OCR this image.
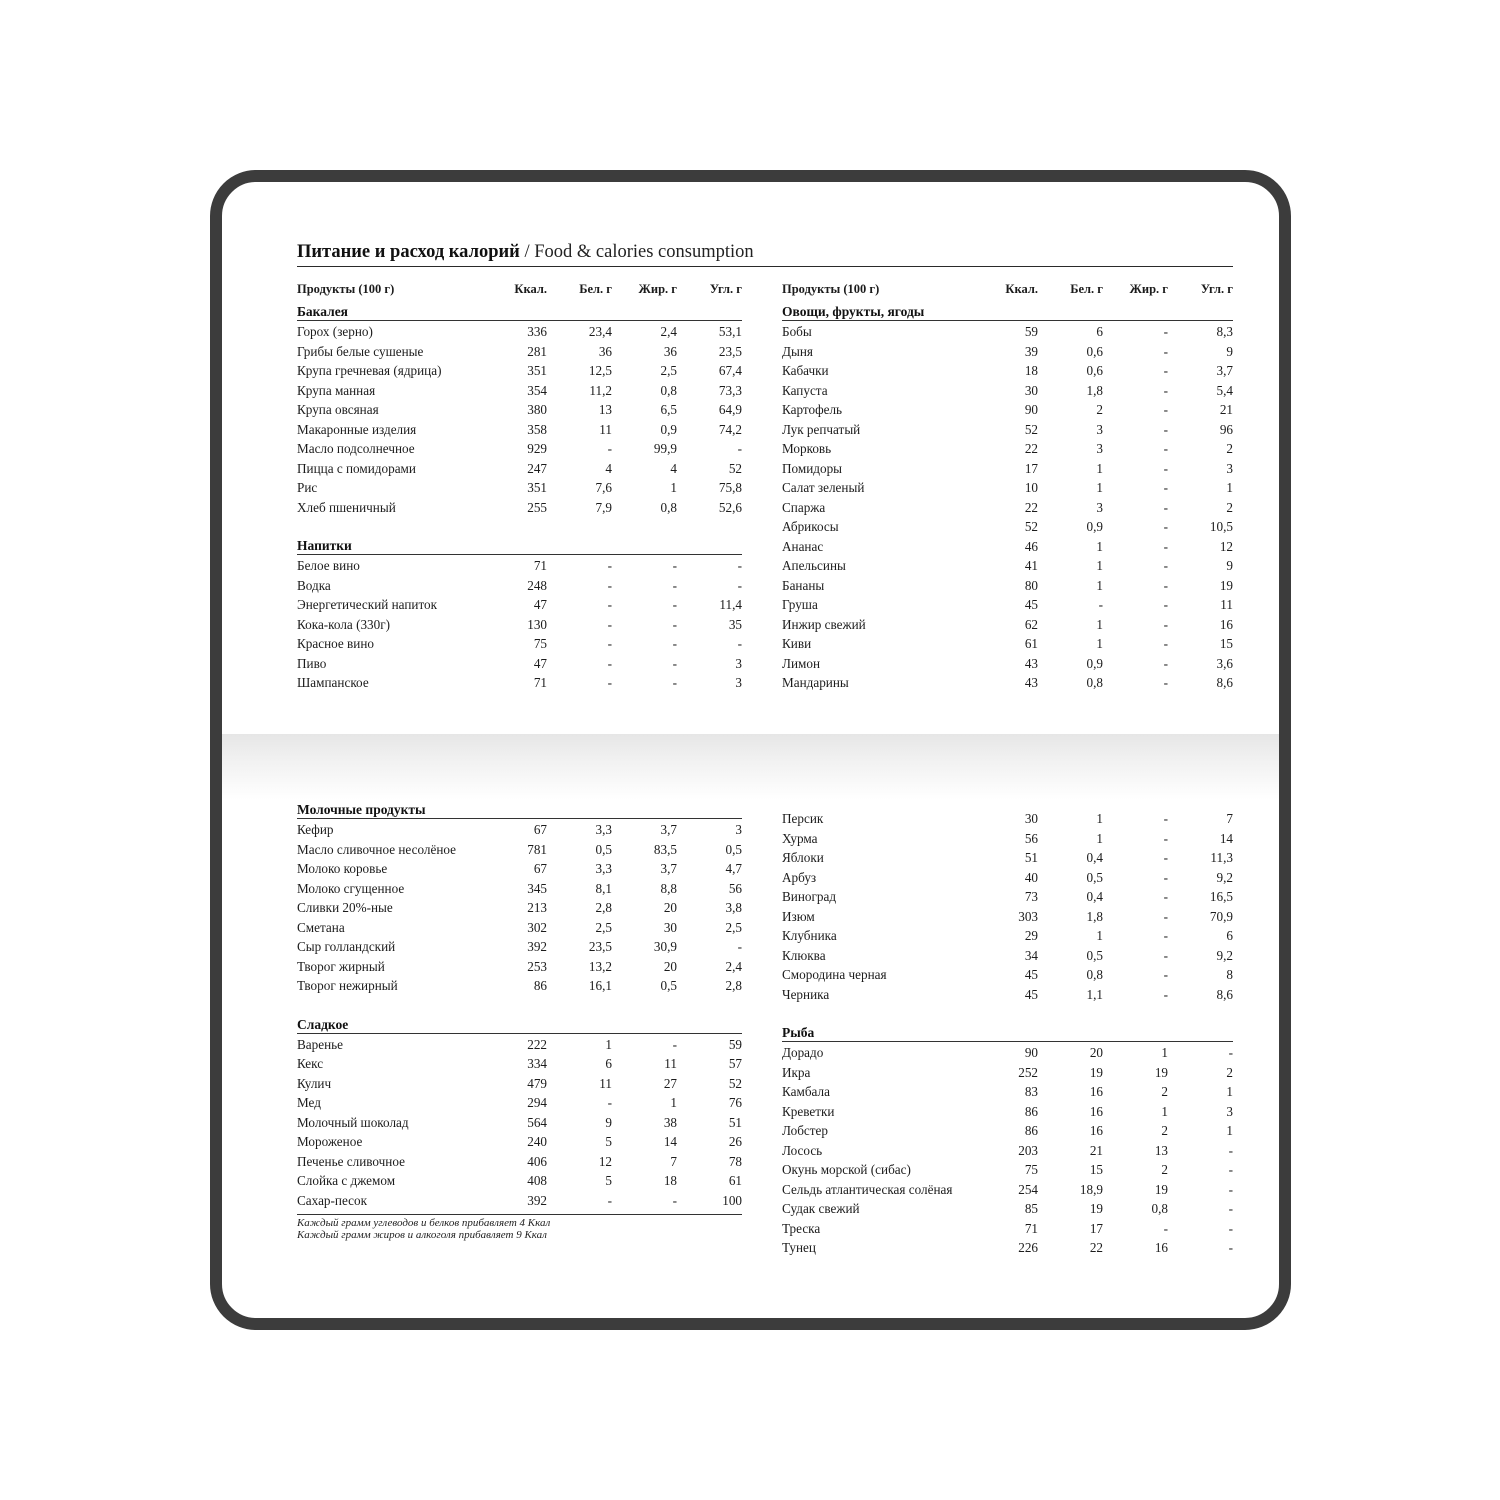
Питание и расход калорий / Food & calories consumption
Продукты (100 г)	Ккал.	Бел. г	Жир. г	Угл. г
Бакалея
Горох (зерно)	336	23,4	2,4	53,1
Грибы белые сушеные	281	36	36	23,5
Крупа гречневая (ядрица)	351	12,5	2,5	67,4
Крупа манная	354	11,2	0,8	73,3
Крупа овсяная	380	13	6,5	64,9
Макаронные изделия	358	11	0,9	74,2
Масло подсолнечное	929	-	99,9	-
Пицца с помидорами	247	4	4	52
Рис	351	7,6	1	75,8
Хлеб пшеничный	255	7,9	0,8	52,6
Напитки
Белое вино	71	-	-	-
Водка	248	-	-	-
Энергетический напиток	47	-	-	11,4
Кока-кола (330г)	130	-	-	35
Красное вино	75	-	-	-
Пиво	47	-	-	3
Шампанское	71	-	-	3
Продукты (100 г)	Ккал.	Бел. г	Жир. г	Угл. г
Овощи, фрукты, ягоды
Бобы	59	6	-	8,3
Дыня	39	0,6	-	9
Кабачки	18	0,6	-	3,7
Капуста	30	1,8	-	5,4
Картофель	90	2	-	21
Лук репчатый	52	3	-	96
Морковь	22	3	-	2
Помидоры	17	1	-	3
Салат зеленый	10	1	-	1
Спаржа	22	3	-	2
Абрикосы	52	0,9	-	10,5
Ананас	46	1	-	12
Апельсины	41	1	-	9
Бананы	80	1	-	19
Груша	45	-	-	11
Инжир свежий	62	1	-	16
Киви	61	1	-	15
Лимон	43	0,9	-	3,6
Мандарины	43	0,8	-	8,6
Молочные продукты
Кефир	67	3,3	3,7	3
Масло сливочное несолёное	781	0,5	83,5	0,5
Молоко коровье	67	3,3	3,7	4,7
Молоко сгущенное	345	8,1	8,8	56
Сливки 20%-ные	213	2,8	20	3,8
Сметана	302	2,5	30	2,5
Сыр голландский	392	23,5	30,9	-
Творог жирный	253	13,2	20	2,4
Творог нежирный	86	16,1	0,5	2,8
Сладкое
Варенье	222	1	-	59
Кекс	334	6	11	57
Кулич	479	11	27	52
Мед	294	-	1	76
Молочный шоколад	564	9	38	51
Мороженое	240	5	14	26
Печенье сливочное	406	12	7	78
Слойка с джемом	408	5	18	61
Сахар-песок	392	-	-	100
Каждый грамм углеводов и белков прибавляет 4 Ккал
Каждый грамм жиров и алкоголя прибавляет 9 Ккал
Персик	30	1	-	7
Хурма	56	1	-	14
Яблоки	51	0,4	-	11,3
Арбуз	40	0,5	-	9,2
Виноград	73	0,4	-	16,5
Изюм	303	1,8	-	70,9
Клубника	29	1	-	6
Клюква	34	0,5	-	9,2
Смородина черная	45	0,8	-	8
Черника	45	1,1	-	8,6
Рыба
Дорадо	90	20	1	-
Икра	252	19	19	2
Камбала	83	16	2	1
Креветки	86	16	1	3
Лобстер	86	16	2	1
Лосось	203	21	13	-
Окунь морской (сибас)	75	15	2	-
Сельдь атлантическая солёная	254	18,9	19	-
Судак свежий	85	19	0,8	-
Треска	71	17	-	-
Тунец	226	22	16	-
